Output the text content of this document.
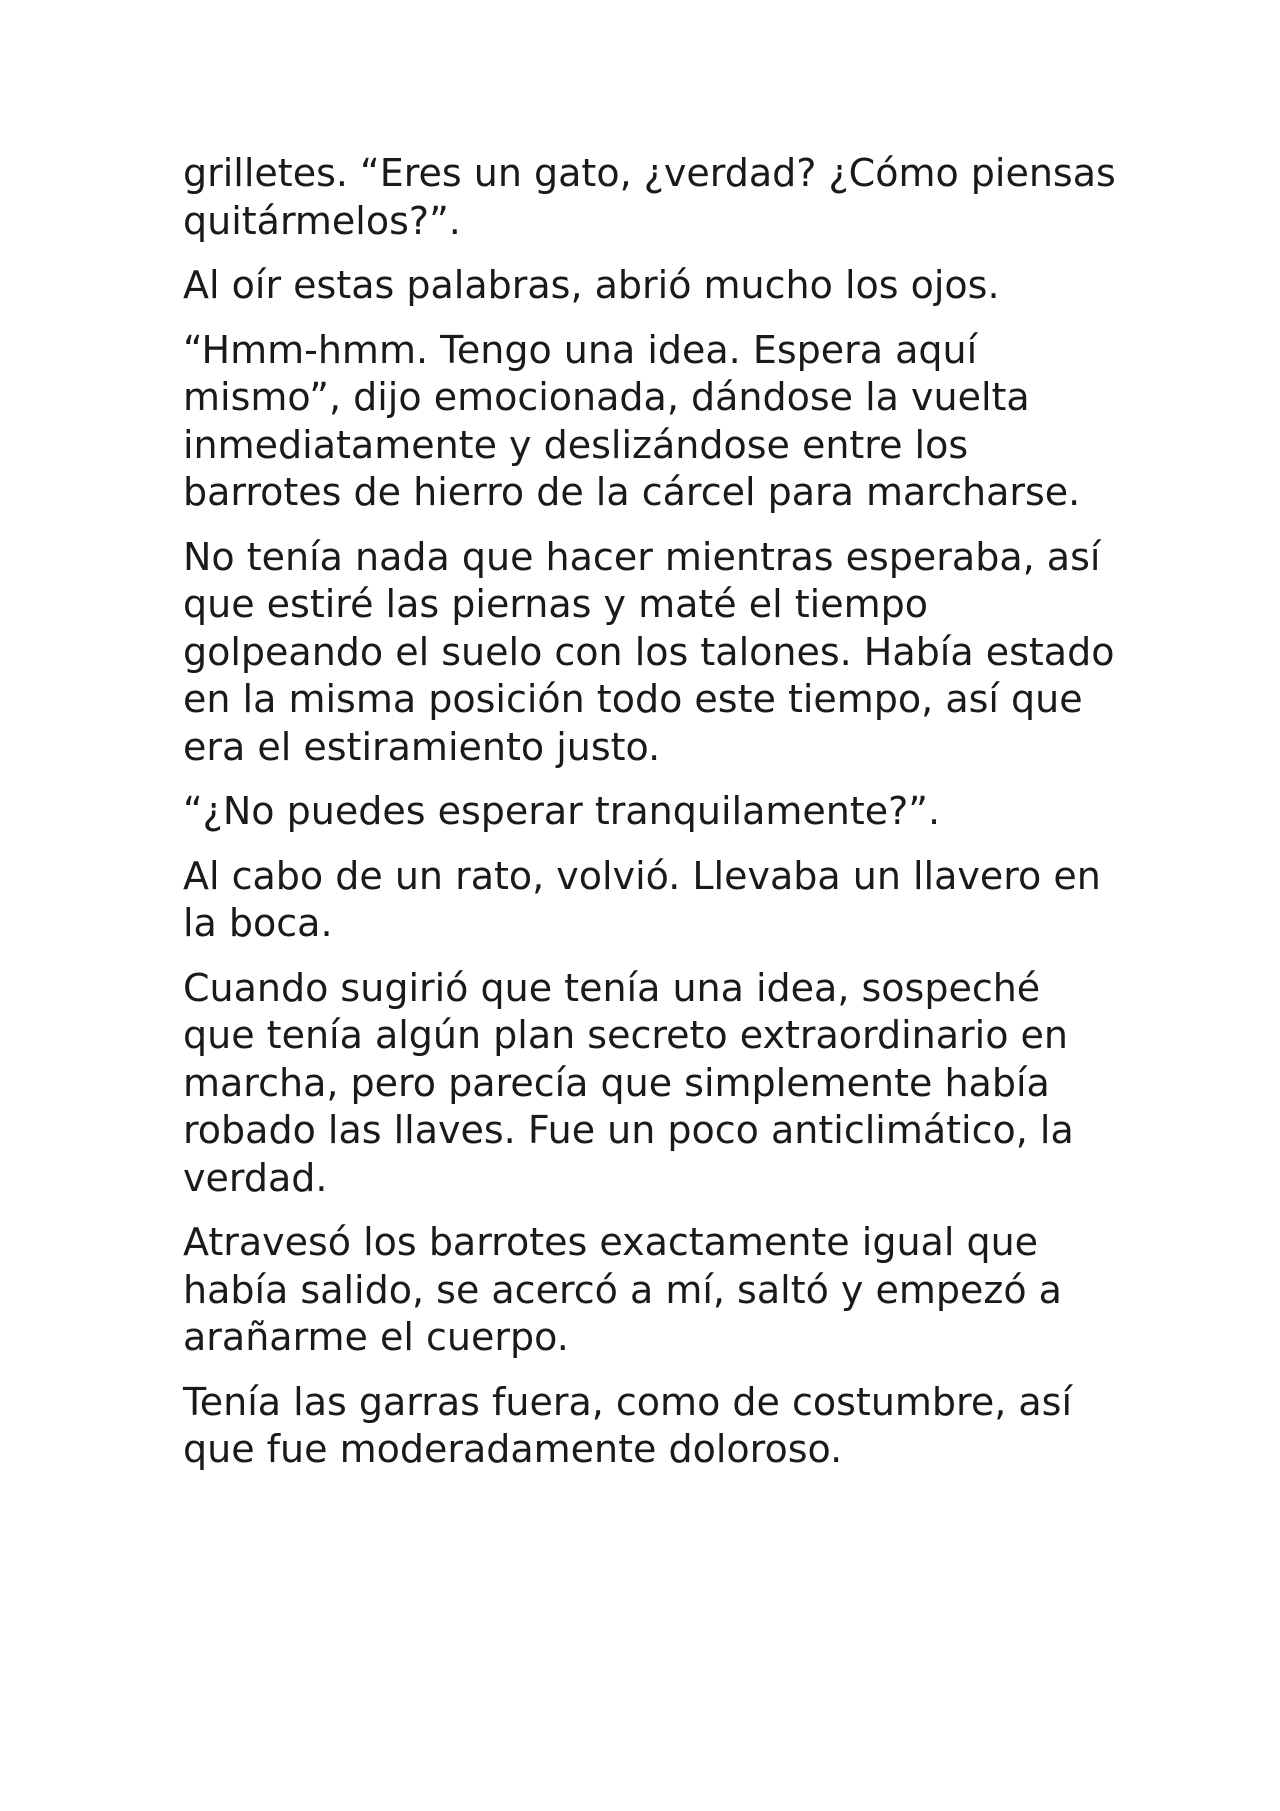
grilletes. “Eres un gato, ¿verdad? ¿Cómo piensas quitármelos?”.

Al oír estas palabras, abrió mucho los ojos.

“Hmm-hmm. Tengo una idea. Espera aquí mismo”, dijo emocionada, dándose la vuelta inmediatamente y deslizándose entre los barrotes de hierro de la cárcel para marcharse.

No tenía nada que hacer mientras esperaba, así que estiré las piernas y maté el tiempo golpeando el suelo con los talones. Había estado en la misma posición todo este tiempo, así que era el estiramiento justo.

“¿No puedes esperar tranquilamente?”.

Al cabo de un rato, volvió. Llevaba un llavero en la boca.

Cuando sugirió que tenía una idea, sospeché que tenía algún plan secreto extraordinario en marcha, pero parecía que simplemente había robado las llaves. Fue un poco anticlimático, la verdad.

Atravesó los barrotes exactamente igual que había salido, se acercó a mí, saltó y empezó a arañarme el cuerpo.

Tenía las garras fuera, como de costumbre, así que fue moderadamente doloroso.
